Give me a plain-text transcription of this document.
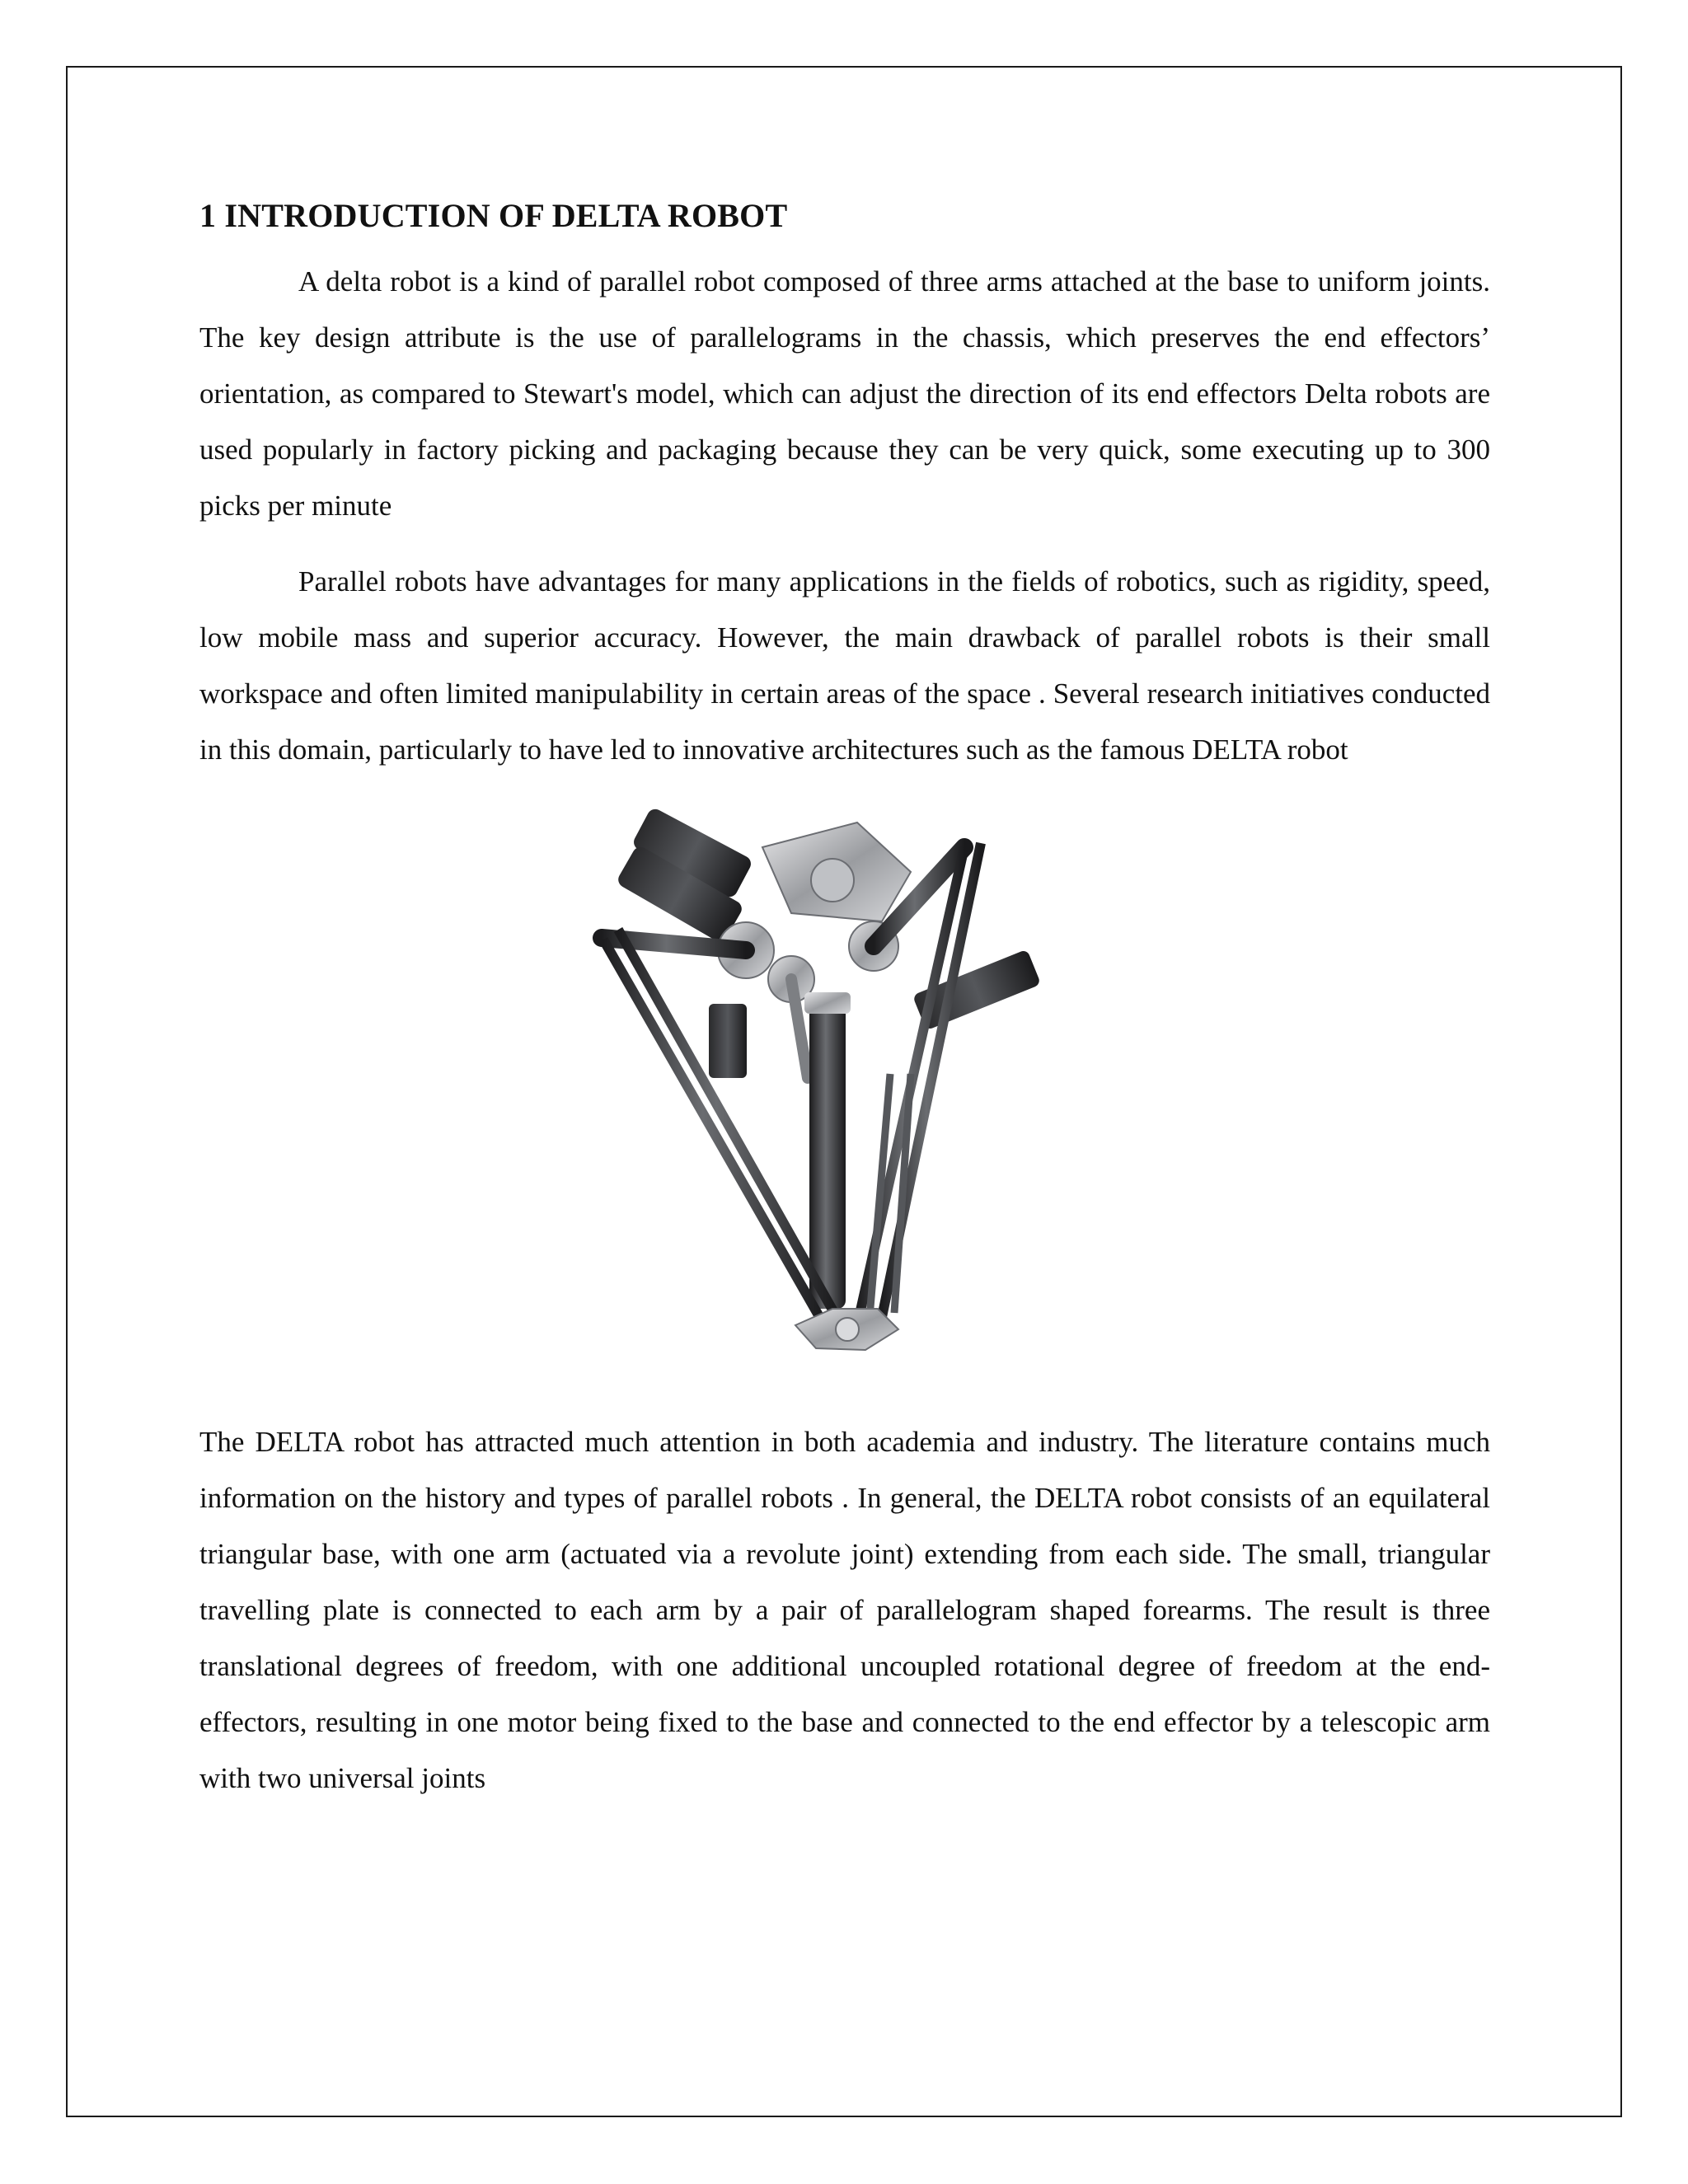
1 INTRODUCTION OF DELTA ROBOT

A delta robot is a kind of parallel robot composed of three arms attached at the base to uniform joints. The key design attribute is the use of parallelograms in the chassis, which preserves the end effectors’ orientation, as compared to Stewart's model, which can adjust the direction of its end effectors Delta robots are used popularly in factory picking and packaging because they can be very quick, some executing up to 300 picks per minute

Parallel robots have advantages for many applications in the fields of robotics, such as rigidity, speed, low mobile mass and superior accuracy. However, the main drawback of parallel robots is their small workspace and often limited manipulability in certain areas of the space . Several research initiatives conducted in this domain, particularly to have led to innovative architectures such as the famous DELTA robot

The DELTA robot has attracted much attention in both academia and industry. The literature contains much information on the history and types of parallel robots . In general, the DELTA robot consists of an equilateral triangular base, with one arm (actuated via a revolute joint) extending from each side. The small, triangular travelling plate is connected to each arm by a pair of parallelogram shaped forearms. The result is three translational degrees of freedom, with one additional uncoupled rotational degree of freedom at the end-effectors, resulting in one motor being fixed to the base and connected to the end effector by a telescopic arm with two universal joints
